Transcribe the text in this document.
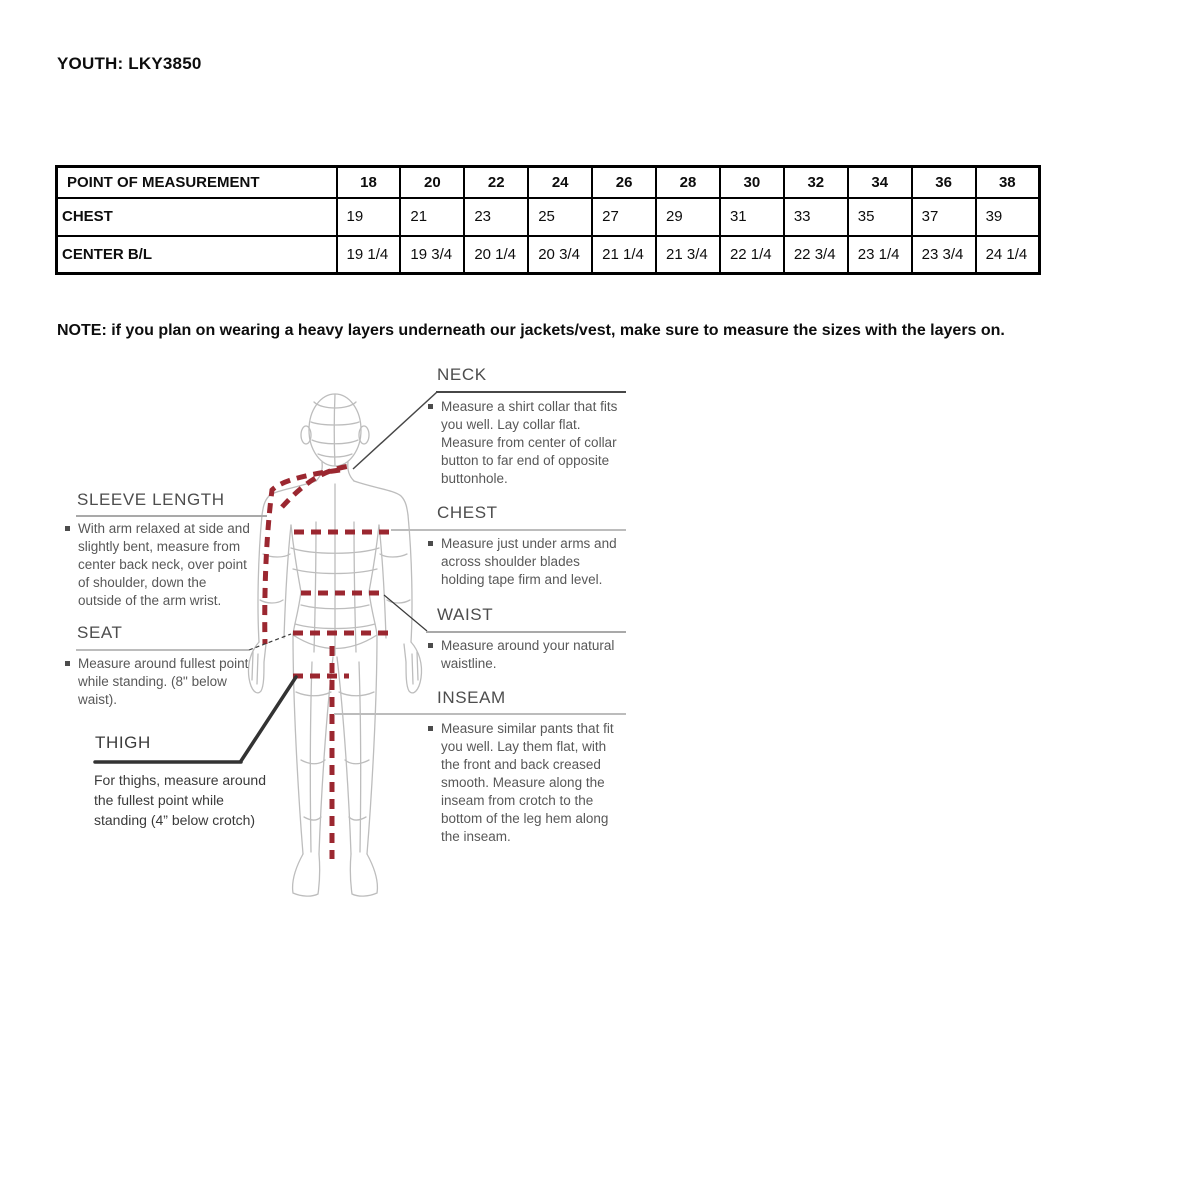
YOUTH: LKY3850
POINT OF MEASUREMENT	18	20	22	24	26	28	30	32	34	36	38
CHEST	19	21	23	25	27	29	31	33	35	37	39
CENTER B/L	19 1/4	19 3/4	20 1/4	20 3/4	21 1/4	21 3/4	22 1/4	22 3/4	23 1/4	23 3/4	24 1/4
NOTE: if you plan on wearing a heavy layers underneath our jackets/vest, make sure to measure the sizes with the layers on.
NECK
Measure a shirt collar that fits you well. Lay collar flat. Measure from center of collar button to far end of opposite buttonhole.
CHEST
Measure just under arms and across shoulder blades holding tape firm and level.
WAIST
Measure around your natural waistline.
INSEAM
Measure similar pants that fit you well. Lay them flat, with the front and back creased smooth. Measure along the inseam from crotch to the bottom of the leg hem along the inseam.
SLEEVE LENGTH
With arm relaxed at side and slightly bent, measure from center back neck, over point of shoulder, down the outside of the arm wrist.
SEAT
Measure around fullest point while standing. (8" below waist).
THIGH
For thighs, measure around the fullest point while standing (4” below crotch)
